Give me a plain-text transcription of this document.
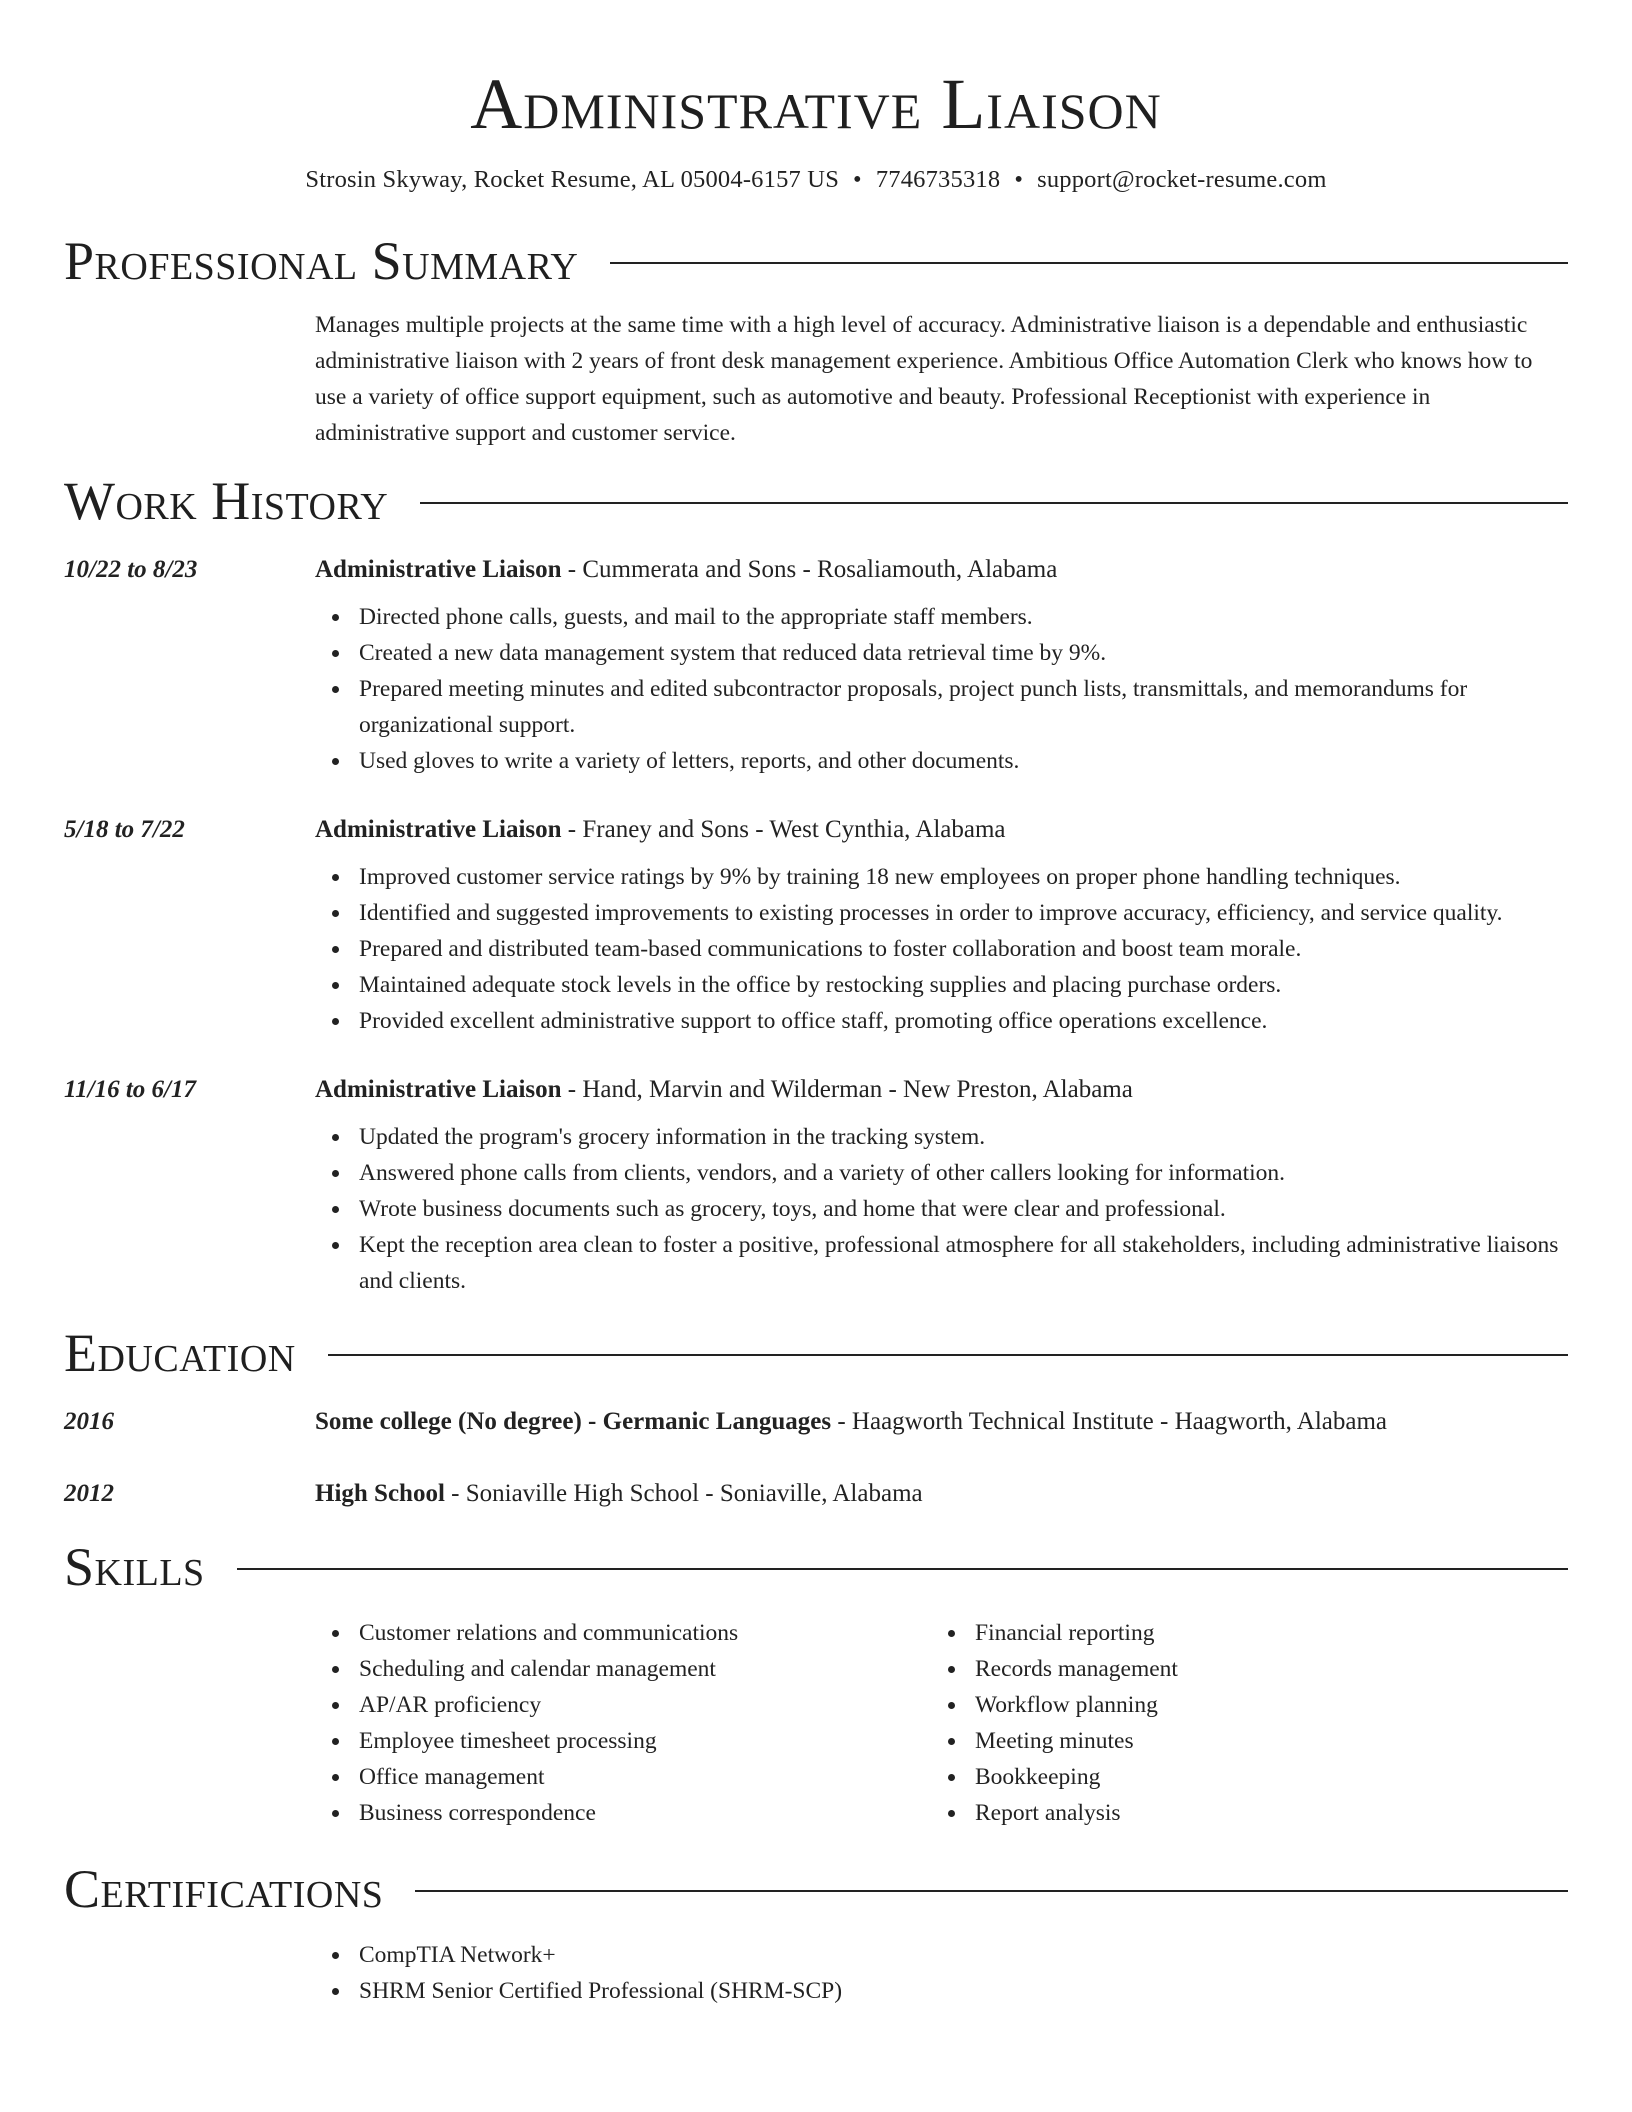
Administrative Liaison
Strosin Skyway, Rocket Resume, AL 05004-6157 US • 7746735318 • support@rocket-resume.com
Professional Summary

Manages multiple projects at the same time with a high level of accuracy. Administrative liaison is a dependable and enthusiastic administrative liaison with 2 years of front desk management experience. Ambitious Office Automation Clerk who knows how to use a variety of office support equipment, such as automotive and beauty. Professional Receptionist with experience in administrative support and customer service.

Work History
10/22 to 8/23	Administrative Liaison - Cummerata and Sons - Rosaliamouth, Alabama
Directed phone calls, guests, and mail to the appropriate staff members.
Created a new data management system that reduced data retrieval time by 9%.
Prepared meeting minutes and edited subcontractor proposals, project punch lists, transmittals, and memorandums for organizational support.
Used gloves to write a variety of letters, reports, and other documents.
5/18 to 7/22	Administrative Liaison - Franey and Sons - West Cynthia, Alabama
Improved customer service ratings by 9% by training 18 new employees on proper phone handling techniques.
Identified and suggested improvements to existing processes in order to improve accuracy, efficiency, and service quality.
Prepared and distributed team-based communications to foster collaboration and boost team morale.
Maintained adequate stock levels in the office by restocking supplies and placing purchase orders.
Provided excellent administrative support to office staff, promoting office operations excellence.
11/16 to 6/17	Administrative Liaison - Hand, Marvin and Wilderman - New Preston, Alabama
Updated the program's grocery information in the tracking system.
Answered phone calls from clients, vendors, and a variety of other callers looking for information.
Wrote business documents such as grocery, toys, and home that were clear and professional.
Kept the reception area clean to foster a positive, professional atmosphere for all stakeholders, including administrative liaisons and clients.
Education
2016	Some college (No degree) - Germanic Languages - Haagworth Technical Institute - Haagworth, Alabama
2012	High School - Soniaville High School - Soniaville, Alabama
Skills
Customer relations and communications
Scheduling and calendar management
AP/AR proficiency
Employee timesheet processing
Office management
Business correspondence
Financial reporting
Records management
Workflow planning
Meeting minutes
Bookkeeping
Report analysis
Certifications
CompTIA Network+
SHRM Senior Certified Professional (SHRM-SCP)
